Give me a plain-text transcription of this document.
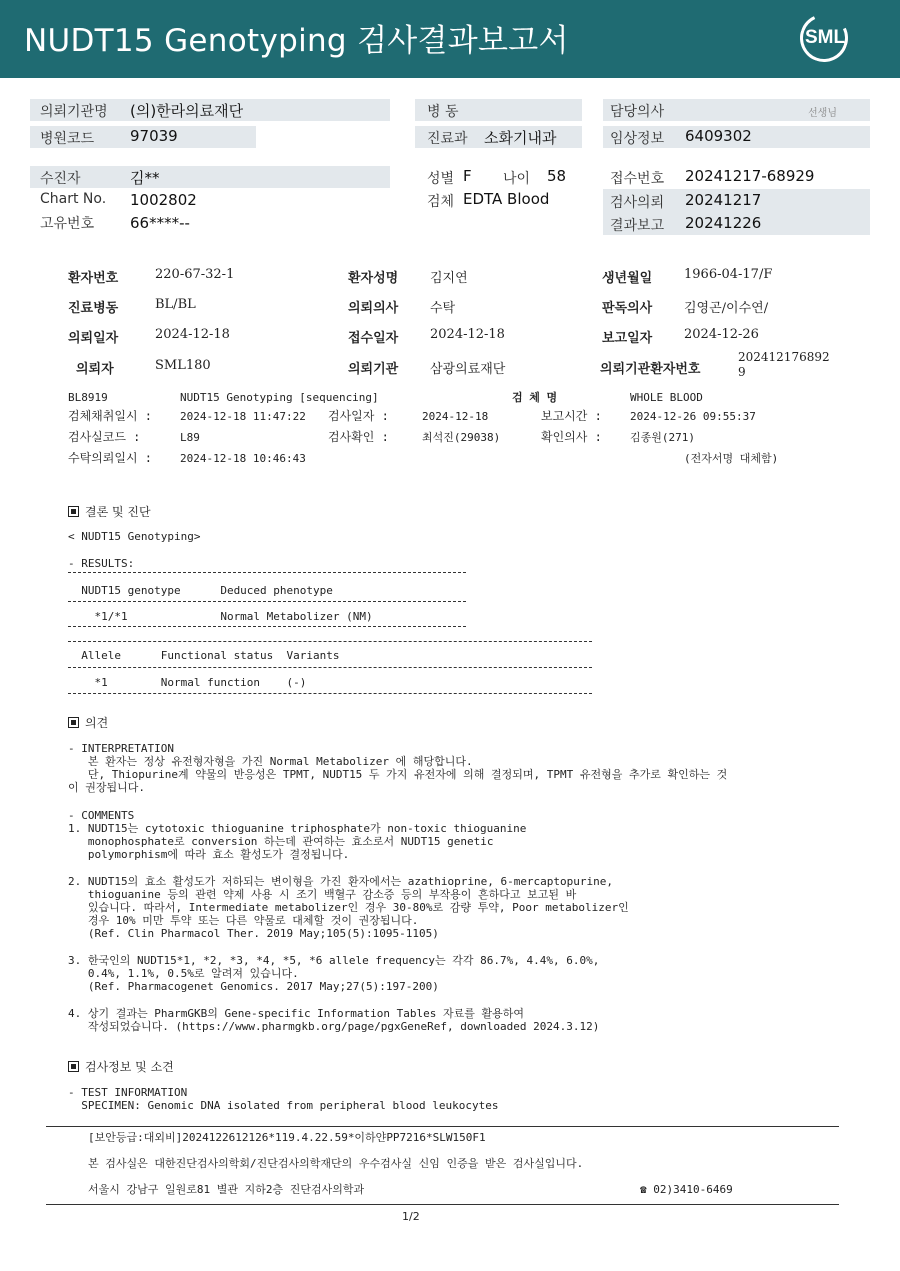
NUDT15 Genotyping 검사결과보고서	SML
의뢰기관명 (의)한라의료재단
병원코드 97039
병 동
진료과 소화기내과
담당의사	선생님
임상정보 6409302
수진자	김**
Chart No. 1002802
고유번호 66****--
성별 F 나이 58
검체 EDTA Blood
접수번호 20241217-68929
검사의뢰 20241217
결과보고 20241226
환자번호	220-67-32-1	환자성명 김지연	생년월일 1966-04-17/F
진료병동	BL/BL	의뢰의사 수탁	판독의사 김영곤/이수연/
의뢰일자	2024-12-18	접수일자 2024-12-18	보고일자 2024-12-26
의뢰자	SML180	의뢰기관 삼광의료재단	의뢰기관환자번호
202412176892
9
BL8919	NUDT15 Genotyping [sequencing]	검 체 명	WHOLE BLOOD
검체채취일시 :	2024-12-18 11:47:22 검사일자 :	2024-12-18	보고시간 :	2024-12-26 09:55:37
검사실코드 :	L89	검사확인 :	최석진(29038)	확인의사 :	김종원(271)
수탁의뢰일시 :	2024-12-18 10:46:43	(전자서명 대체함)
결론 및 진단
< NUDT15 Genotyping>
- RESULTS:
NUDT15 genotype      Deduced phenotype
*1/*1              Normal Metabolizer (NM)
Allele      Functional status  Variants
*1        Normal function    (-)
의견
- INTERPRETATION
본 환자는 정상 유전형자형을 가진 Normal Metabolizer 에 해당합니다.
단, Thiopurine계 약물의 반응성은 TPMT, NUDT15 두 가지 유전자에 의해 결정되며, TPMT 유전형을 추가로 확인하는 것
이 권장됩니다.
- COMMENTS
1. NUDT15는 cytotoxic thioguanine triphosphate가 non-toxic thioguanine
monophosphate로 conversion 하는데 관여하는 효소로서 NUDT15 genetic
polymorphism에 따라 효소 활성도가 결정됩니다.
2. NUDT15의 효소 활성도가 저하되는 변이형을 가진 환자에서는 azathioprine, 6-mercaptopurine,
thioguanine 등의 관련 약제 사용 시 조기 백혈구 감소증 등의 부작용이 흔하다고 보고된 바
있습니다. 따라서, Intermediate metabolizer인 경우 30-80%로 감량 투약, Poor metabolizer인
경우 10% 미만 투약 또는 다른 약물로 대체할 것이 권장됩니다.
(Ref. Clin Pharmacol Ther. 2019 May;105(5):1095-1105)
3. 한국인의 NUDT15*1, *2, *3, *4, *5, *6 allele frequency는 각각 86.7%, 4.4%, 6.0%,
0.4%, 1.1%, 0.5%로 알려져 있습니다.
(Ref. Pharmacogenet Genomics. 2017 May;27(5):197-200)
4. 상기 결과는 PharmGKB의 Gene-specific Information Tables 자료를 활용하여
작성되었습니다. (https://www.pharmgkb.org/page/pgxGeneRef, downloaded 2024.3.12)
검사정보 및 소견
- TEST INFORMATION
SPECIMEN: Genomic DNA isolated from peripheral blood leukocytes
[보안등급:대외비]2024122612126*119.4.22.59*이하얀PP7216*SLW150F1
본 검사실은 대한진단검사의학회/진단검사의학재단의 우수검사실 신임 인증을 받은 검사실입니다.
서울시 강남구 일원로81 별관 지하2층 진단검사의학과	☎ 02)3410-6469
1/2
